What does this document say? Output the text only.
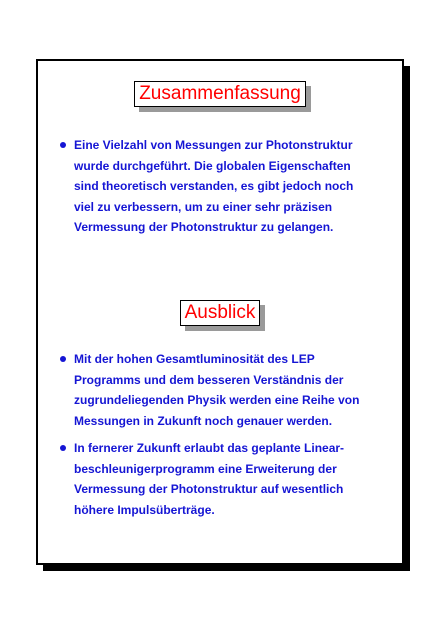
Zusammenfassung
Eine Vielzahl von Messungen zur Photonstruktur
wurde durchgeführt. Die globalen Eigenschaften
sind theoretisch verstanden, es gibt jedoch noch
viel zu verbessern, um zu einer sehr präzisen
Vermessung der Photonstruktur zu gelangen.
Ausblick
Mit der hohen Gesamtluminosität des LEP
Programms und dem besseren Verständnis der
zugrundeliegenden Physik werden eine Reihe von
Messungen in Zukunft noch genauer werden.
In fernerer Zukunft erlaubt das geplante Linear-
beschleunigerprogramm eine Erweiterung der
Vermessung der Photonstruktur auf wesentlich
höhere Impulsüberträge.
